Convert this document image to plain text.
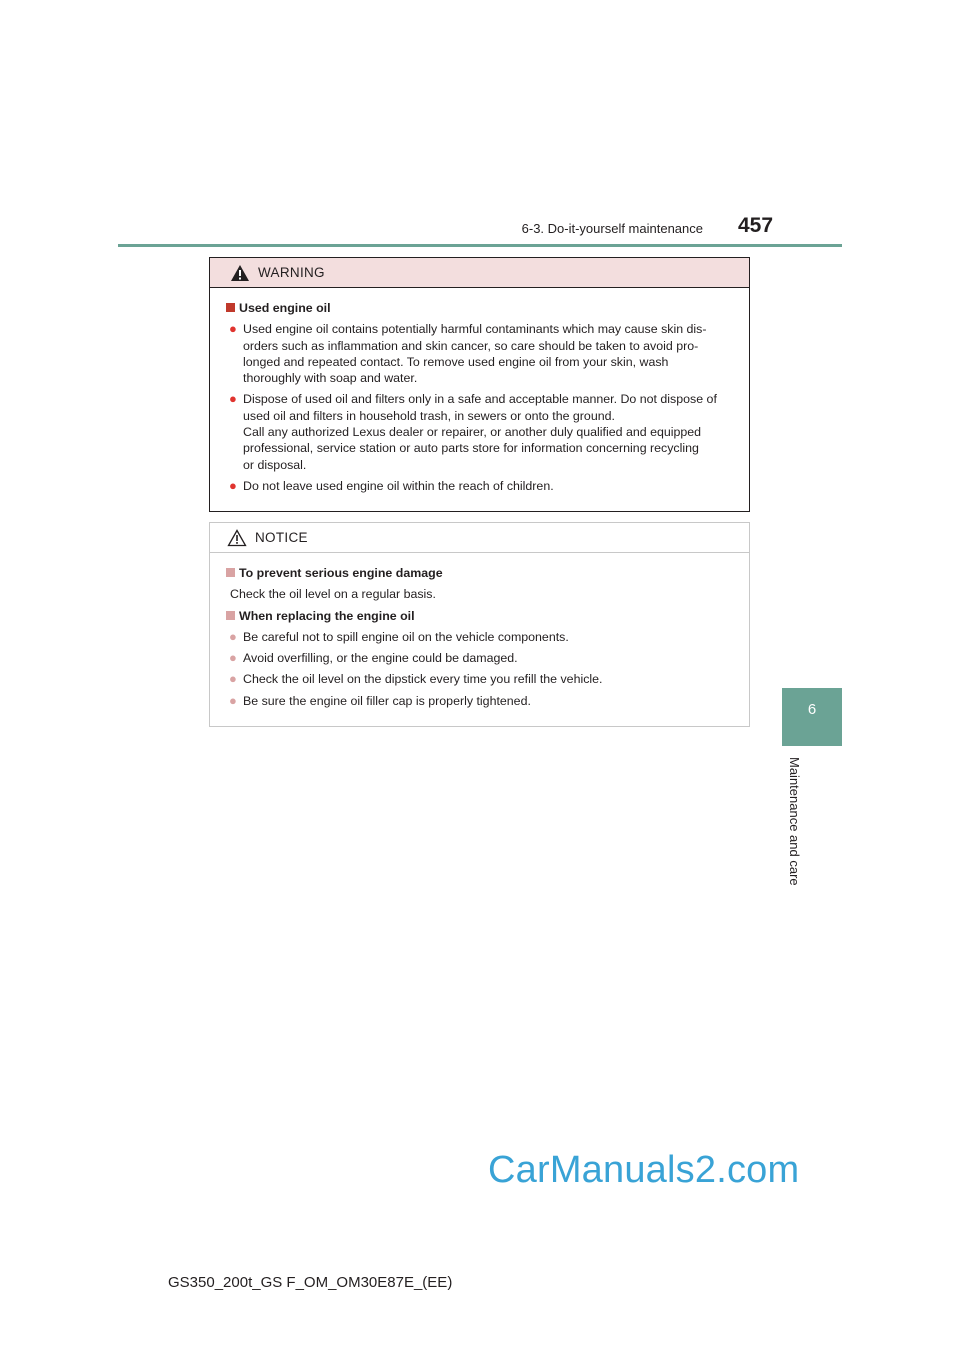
6-3. Do-it-yourself maintenance 457
6
Maintenance and care
WARNING
Used engine oil
● Used engine oil contains potentially harmful contaminants which may cause skin dis-
orders such as inflammation and skin cancer, so care should be taken to avoid pro-
longed and repeated contact. To remove used engine oil from your skin, wash
thoroughly with soap and water.
● Dispose of used oil and filters only in a safe and acceptable manner. Do not dispose of
used oil and filters in household trash, in sewers or onto the ground.
Call any authorized Lexus dealer or repairer, or another duly qualified and equipped
professional, service station or auto parts store for information concerning recycling
or disposal.
● Do not leave used engine oil within the reach of children.
NOTICE
To prevent serious engine damage
Check the oil level on a regular basis.
When replacing the engine oil
● Be careful not to spill engine oil on the vehicle components.
● Avoid overfilling, or the engine could be damaged.
● Check the oil level on the dipstick every time you refill the vehicle.
● Be sure the engine oil filler cap is properly tightened.
CarManuals2.com
GS350_200t_GS F_OM_OM30E87E_(EE)
